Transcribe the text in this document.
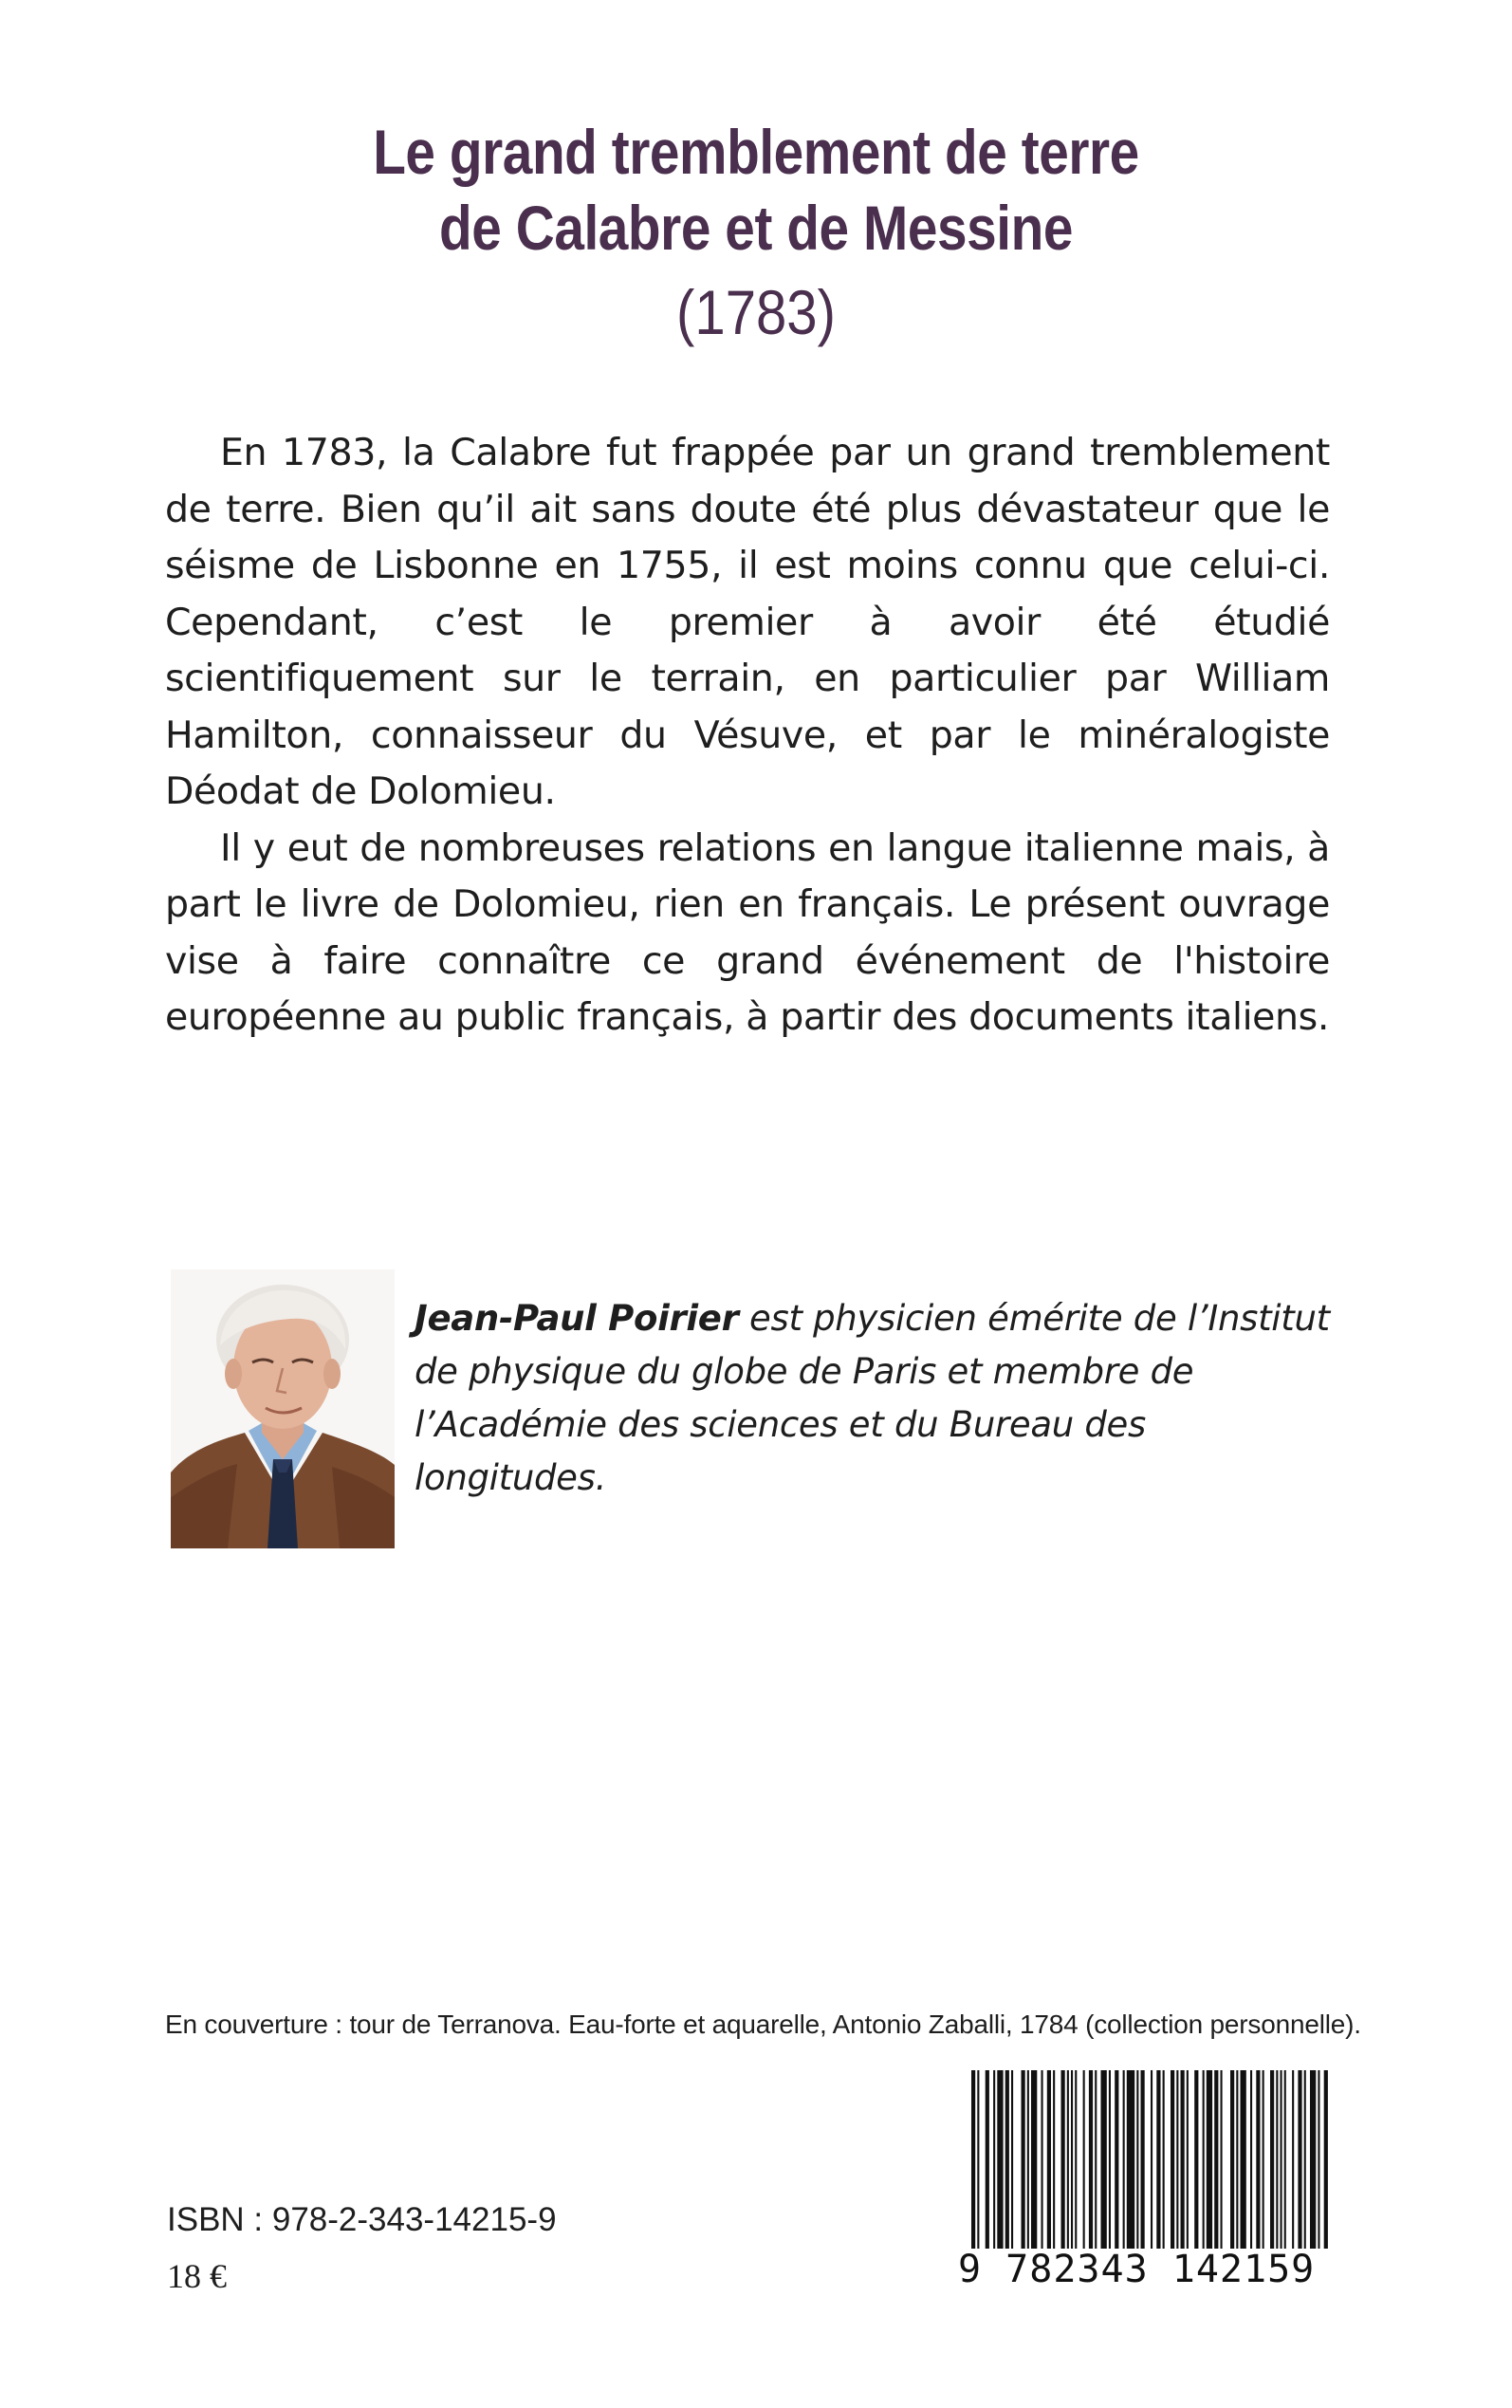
Le grand tremblement de terre
de Calabre et de Messine
(1783)

En 1783, la Calabre fut frappée par un grand tremblement de terre. Bien qu’il ait sans doute été plus dévastateur que le séisme de Lisbonne en 1755, il est moins connu que celui-ci. Cependant, c’est le premier à avoir été étudié scientifiquement sur le terrain, en particulier par William Hamilton, connaisseur du Vésuve, et par le minéralogiste Déodat de Dolomieu.

Il y eut de nombreuses relations en langue italienne mais, à part le livre de Dolomieu, rien en français. Le présent ouvrage vise à faire connaître ce grand événement de l'histoire européenne au public français, à partir des documents italiens.

Jean-Paul Poirier est physicien émérite de l’Institut de physique du globe de Paris et membre de l’Académie des sciences et du Bureau des longitudes.
En couverture : tour de Terranova. Eau-forte et aquarelle, Antonio Zaballi, 1784 (collection personnelle).
ISBN : 978-2-343-14215-9
18 €	9 782343 142159
